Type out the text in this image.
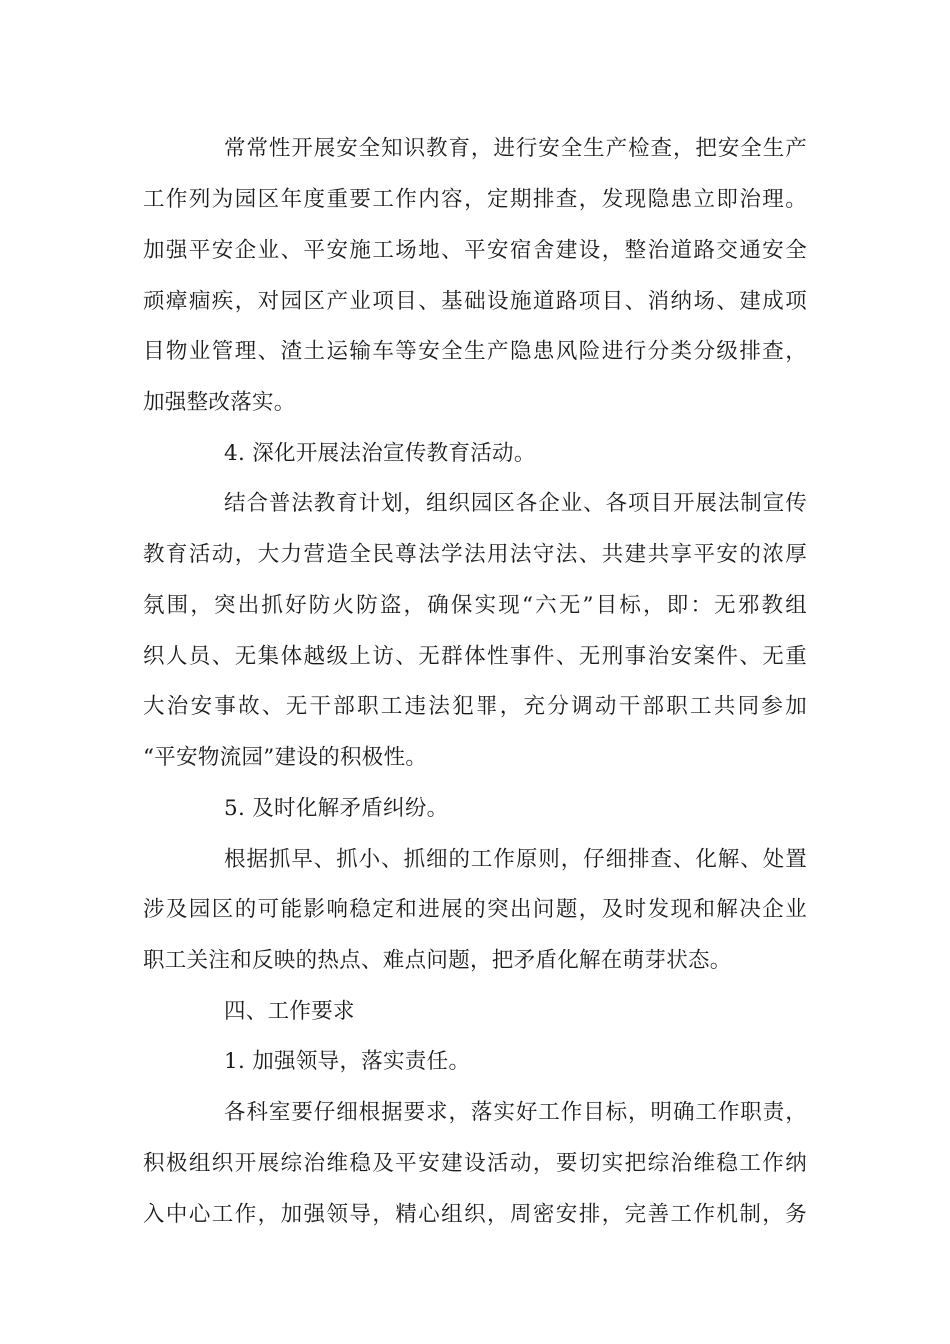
常常性开展安全知识教育，进行安全生产检查，把安全生产
工作列为园区年度重要工作内容，定期排查，发现隐患立即治理。
加强平安企业、平安施工场地、平安宿舍建设，整治道路交通安全
顽瘴痼疾，对园区产业项目、基础设施道路项目、消纳场、建成项
目物业管理、渣土运输车等安全生产隐患风险进行分类分级排查，
加强整改落实。
4. 深化开展法治宣传教育活动。
结合普法教育计划，组织园区各企业、各项目开展法制宣传
教育活动，大力营造全民尊法学法用法守法、共建共享平安的浓厚
氛围，突出抓好防火防盗，确保实现“六无”目标，即：无邪教组
织人员、无集体越级上访、无群体性事件、无刑事治安案件、无重
大治安事故、无干部职工违法犯罪，充分调动干部职工共同参加
“平安物流园”建设的积极性。
5. 及时化解矛盾纠纷。
根据抓早、抓小、抓细的工作原则，仔细排查、化解、处置
涉及园区的可能影响稳定和进展的突出问题，及时发现和解决企业
职工关注和反映的热点、难点问题，把矛盾化解在萌芽状态。
四、工作要求
1. 加强领导，落实责任。
各科室要仔细根据要求，落实好工作目标，明确工作职责，
积极组织开展综治维稳及平安建设活动，要切实把综治维稳工作纳
入中心工作，加强领导，精心组织，周密安排，完善工作机制，务
